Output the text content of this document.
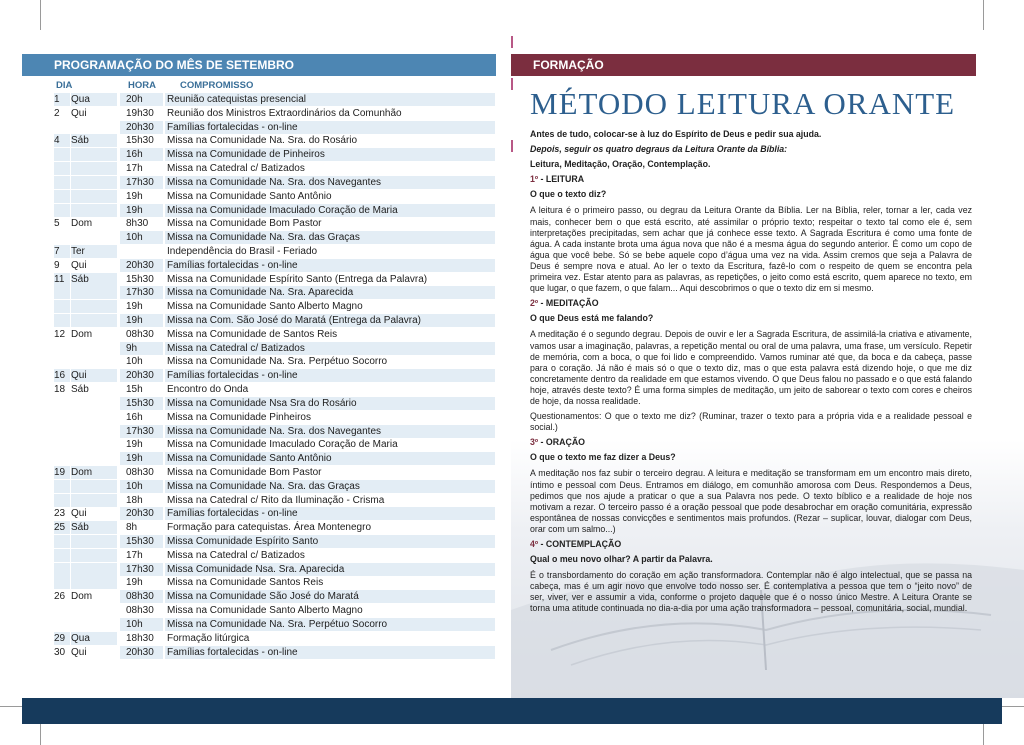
PROGRAMAÇÃO DO MÊS DE SETEMBRO
DIA	HORA	COMPROMISSO
1	Qua	20h	Reunião catequistas presencial
2	Qui	19h30	Reunião dos Ministros Extraordinários da Comunhão
20h30	Famílias fortalecidas - on-line
4	Sáb	15h30	Missa na Comunidade Na. Sra. do Rosário
16h	Missa na Comunidade de Pinheiros
17h	Missa na Catedral c/ Batizados
17h30	Missa na Comunidade Na. Sra. dos Navegantes
19h	Missa na Comunidade Santo Antônio
19h	Missa na Comunidade Imaculado Coração de Maria
5	Dom	8h30	Missa na Comunidade Bom Pastor
10h	Missa na Comunidade Na. Sra. das Graças
7	Ter	Independência do Brasil - Feriado
9	Qui	20h30	Famílias fortalecidas - on-line
11 Sáb	15h30	Missa na Comunidade Espírito Santo (Entrega da Palavra)
17h30	Missa na Comunidade Na. Sra. Aparecida
19h	Missa na Comunidade Santo Alberto Magno
19h	Missa na Com. São José do Maratá (Entrega da Palavra)
12 Dom	08h30	Missa na Comunidade de Santos Reis
9h	Missa na Catedral c/ Batizados
10h	Missa na Comunidade Na. Sra. Perpétuo Socorro
16 Qui	20h30	Famílias fortalecidas - on-line
18 Sáb	15h	Encontro do Onda
15h30	Missa na Comunidade Nsa Sra do Rosário
16h	Missa na Comunidade Pinheiros
17h30	Missa na Comunidade Na. Sra. dos Navegantes
19h	Missa na Comunidade Imaculado Coração de Maria
19h	Missa na Comunidade Santo Antônio
19 Dom	08h30	Missa na Comunidade Bom Pastor
10h	Missa na Comunidade Na. Sra. das Graças
18h	Missa na Catedral c/ Rito da Iluminação - Crisma
23 Qui	20h30	Famílias fortalecidas - on-line
25 Sáb	8h	Formação para catequistas. Área Montenegro
15h30	Missa Comunidade Espírito Santo
17h	Missa na Catedral c/ Batizados
17h30	Missa Comunidade Nsa. Sra. Aparecida
19h	Missa na Comunidade Santos Reis
26 Dom	08h30	Missa na Comunidade São José do Maratá
08h30	Missa na Comunidade Santo Alberto Magno
10h	Missa na Comunidade Na. Sra. Perpétuo Socorro
29 Qua	18h30	Formação litúrgica
30 Qui	20h30	Famílias fortalecidas - on-line
FORMAÇÃO
MÉTODO LEITURA ORANTE

Antes de tudo, colocar-se à luz do Espírito de Deus e pedir sua ajuda.

Depois, seguir os quatro degraus da Leitura Orante da Bíblia:

Leitura, Meditação, Oração, Contemplação.

1º - LEITURA
O que o texto diz?

A leitura é o primeiro passo, ou degrau da Leitura Orante da Bíblia. Ler na Bíblia, reler, tornar a ler, cada vez mais, conhecer bem o que está escrito, até assimilar o próprio texto; respeitar o texto tal como ele é, sem interpretações precipitadas, sem achar que já conhece esse texto. A Sagrada Escritura é como uma fonte de água. A cada instante brota uma água nova que não é a mesma água do segundo anterior. É como um copo de água que você bebe. Só se bebe aquele copo d’água uma vez na vida. Assim cremos que seja a Palavra de Deus é sempre nova e atual. Ao ler o texto da Escritura, fazê-lo com o respeito de quem se encontra pela primeira vez. Estar atento para as palavras, as repetições, o jeito como está escrito, quem aparece no texto, em que lugar, o que fazem, o que falam... Aqui descobrimos o que o texto diz em si mesmo.

2º - MEDITAÇÃO
O que Deus está me falando?

A meditação é o segundo degrau. Depois de ouvir e ler a Sagrada Escritura, de assimilá-la criativa e ativamente, vamos usar a imaginação, palavras, a repetição mental ou oral de uma palavra, uma frase, um versículo. Repetir de memória, com a boca, o que foi lido e compreendido. Vamos ruminar até que, da boca e da cabeça, passe para o coração. Já não é mais só o que o texto diz, mas o que esta palavra está dizendo hoje, o que me diz concretamente dentro da realidade em que estamos vivendo. O que Deus falou no passado e o que está falando hoje, através deste texto? É uma forma simples de meditação, um jeito de saborear o texto com cores e cheiros de hoje, da nossa realidade.

Questionamentos: O que o texto me diz? (Ruminar, trazer o texto para a própria vida e a realidade pessoal e social.)

3º - ORAÇÃO
O que o texto me faz dizer a Deus?

A meditação nos faz subir o terceiro degrau. A leitura e meditação se transformam em um encontro mais direto, íntimo e pessoal com Deus. Entramos em diálogo, em comunhão amorosa com Deus. Respondemos a Deus, pedimos que nos ajude a praticar o que a sua Palavra nos pede. O texto bíblico e a realidade de hoje nos motivam a rezar. O terceiro passo é a oração pessoal que pode desabrochar em oração comunitária, expressão espontânea de nossas convicções e sentimentos mais profundos. (Rezar – suplicar, louvar, dialogar com Deus, orar com um salmo...)

4º - CONTEMPLAÇÃO
Qual o meu novo olhar? A partir da Palavra.

É o transbordamento do coração em ação transformadora. Contemplar não é algo intelectual, que se passa na cabeça, mas é um agir novo que envolve todo nosso ser. É contemplativa a pessoa que tem o “jeito novo” de ser, viver, ver e assumir a vida, conforme o projeto daquele que é o nosso único Mestre. A Leitura Orante se torna uma atitude continuada no dia-a-dia por uma ação transformadora – pessoal, comunitária, social, mundial.
